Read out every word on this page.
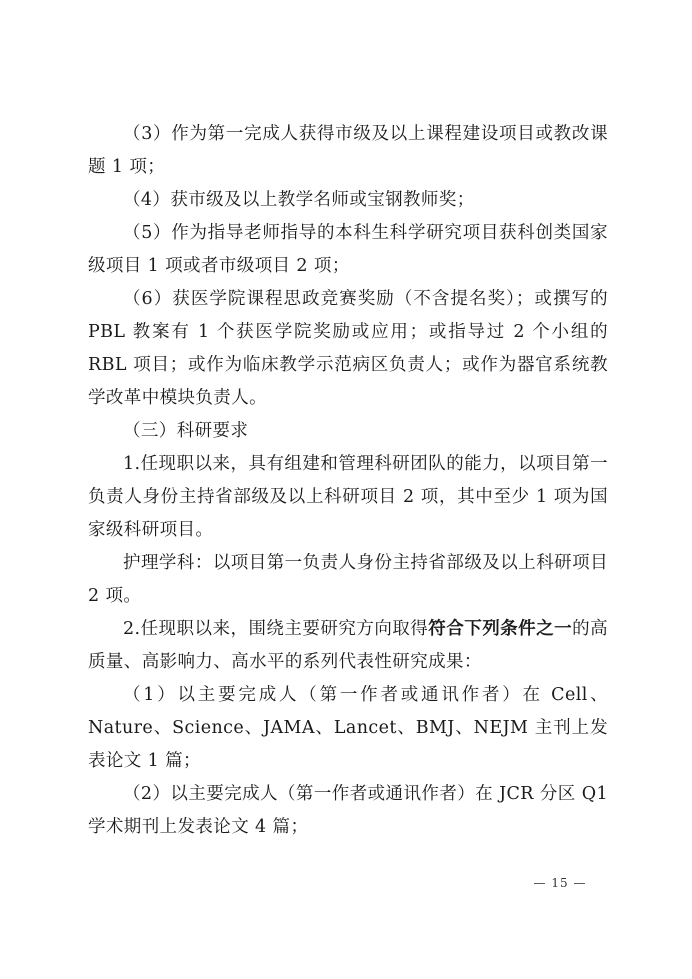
（3）作为第一完成人获得市级及以上课程建设项目或教改课题 1 项；

（4）获市级及以上教学名师或宝钢教师奖；

（5）作为指导老师指导的本科生科学研究项目获科创类国家级项目 1 项或者市级项目 2 项；

（6）获医学院课程思政竞赛奖励（不含提名奖）；或撰写的 PBL 教案有 1 个获医学院奖励或应用；或指导过 2 个小组的 RBL 项目；或作为临床教学示范病区负责人；或作为器官系统教学改革中模块负责人。

（三）科研要求

1.任现职以来，具有组建和管理科研团队的能力，以项目第一负责人身份主持省部级及以上科研项目 2 项，其中至少 1 项为国家级科研项目。

护理学科：以项目第一负责人身份主持省部级及以上科研项目 2 项。

2.任现职以来，围绕主要研究方向取得符合下列条件之一的高质量、高影响力、高水平的系列代表性研究成果：

（1）以主要完成人（第一作者或通讯作者）在 Cell、Nature、Science、JAMA、Lancet、BMJ、NEJM 主刊上发表论文 1 篇；

（2）以主要完成人（第一作者或通讯作者）在 JCR 分区 Q1 学术期刊上发表论文 4 篇；

— 15 —
